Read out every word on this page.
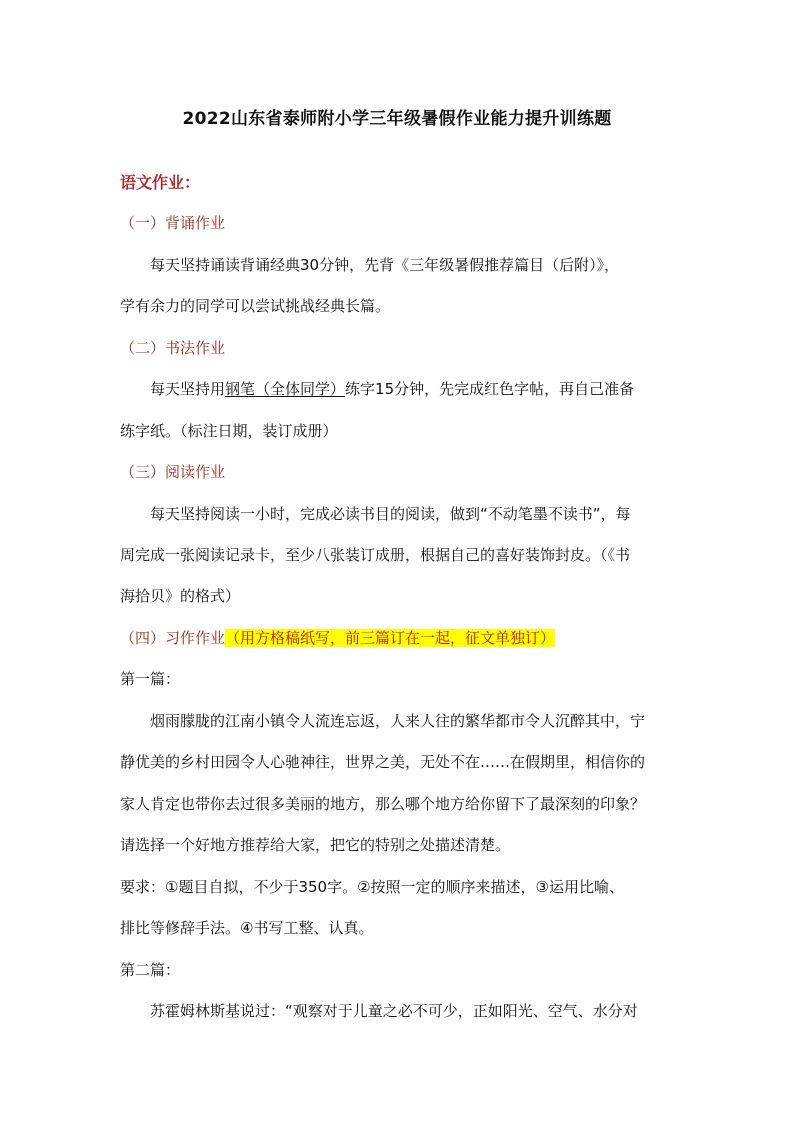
2022山东省泰师附小学三年级暑假作业能力提升训练题
语文作业：
（一）背诵作业
每天坚持诵读背诵经典30分钟，先背《三年级暑假推荐篇目（后附）》，
学有余力的同学可以尝试挑战经典长篇。
（二）书法作业
每天坚持用钢笔（全体同学）练字15分钟，先完成红色字帖，再自己准备
练字纸。（标注日期，装订成册）
（三）阅读作业
每天坚持阅读一小时，完成必读书目的阅读，做到“不动笔墨不读书”，每
周完成一张阅读记录卡，至少八张装订成册，根据自己的喜好装饰封皮。（《书
海拾贝》的格式）
（四）习作作业（用方格稿纸写，前三篇订在一起，征文单独订）
第一篇：
烟雨朦胧的江南小镇令人流连忘返，人来人往的繁华都市令人沉醉其中，宁
静优美的乡村田园令人心驰神往，世界之美，无处不在……在假期里，相信你的
家人肯定也带你去过很多美丽的地方，那么哪个地方给你留下了最深刻的印象？
请选择一个好地方推荐给大家，把它的特别之处描述清楚。
要求：①题目自拟，不少于350字。②按照一定的顺序来描述，③运用比喻、
排比等修辞手法。④书写工整、认真。
第二篇：
苏霍姆林斯基说过：“观察对于儿童之必不可少，正如阳光、空气、水分对
